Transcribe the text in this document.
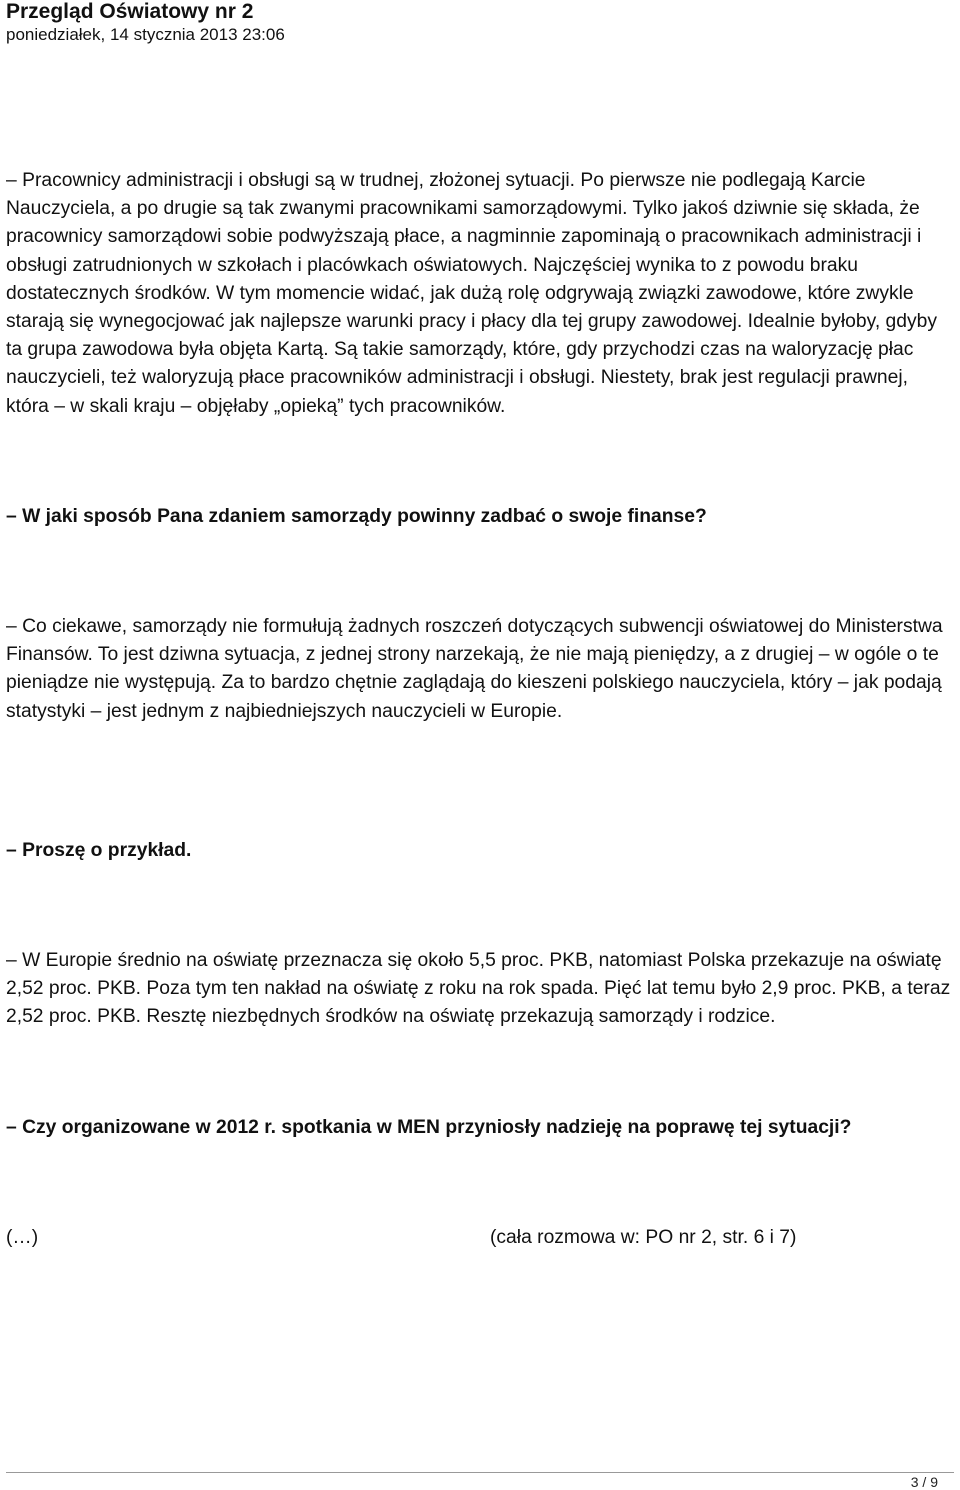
Przegląd Oświatowy nr 2
poniedziałek, 14 stycznia 2013 23:06

– Pracownicy administracji i obsługi są w trudnej, złożonej sytuacji. Po pierwsze nie podlegają Karcie Nauczyciela, a po drugie są tak zwanymi pracownikami samorządowymi. Tylko jakoś dziwnie się składa, że pracownicy samorządowi sobie podwyższają płace, a nagminnie zapominają o pracownikach administracji i obsługi zatrudnionych w szkołach i placówkach oświatowych. Najczęściej wynika to z powodu braku dostatecznych środków. W tym momencie widać, jak dużą rolę odgrywają związki zawodowe, które zwykle starają się wynegocjować jak najlepsze warunki pracy i płacy dla tej grupy zawodowej. Idealnie byłoby, gdyby ta grupa zawodowa była objęta Kartą. Są takie samorządy, które, gdy przychodzi czas na waloryzację płac nauczycieli, też waloryzują płace pracowników administracji i obsługi. Niestety, brak jest regulacji prawnej, która – w skali kraju – objęłaby „opieką” tych pracowników.

– W jaki sposób Pana zdaniem samorządy powinny zadbać o swoje finanse?

– Co ciekawe, samorządy nie formułują żadnych roszczeń dotyczących subwencji oświatowej do Ministerstwa Finansów. To jest dziwna sytuacja, z jednej strony narzekają, że nie mają pieniędzy, a z drugiej – w ogóle o te pieniądze nie występują. Za to bardzo chętnie zaglądają do kieszeni polskiego nauczyciela, który – jak podają statystyki – jest jednym z najbiedniejszych nauczycieli w Europie.

– Proszę o przykład.

– W Europie średnio na oświatę przeznacza się około 5,5 proc. PKB, natomiast Polska przekazuje na oświatę 2,52 proc. PKB. Poza tym ten nakład na oświatę z roku na rok spada. Pięć lat temu było 2,9 proc. PKB, a teraz 2,52 proc. PKB. Resztę niezbędnych środków na oświatę przekazują samorządy i rodzice.

– Czy organizowane w 2012 r. spotkania w MEN przyniosły nadzieję na poprawę tej sytuacji?

(…)	(cała rozmowa w: PO nr 2, str. 6 i 7)
3 / 9
